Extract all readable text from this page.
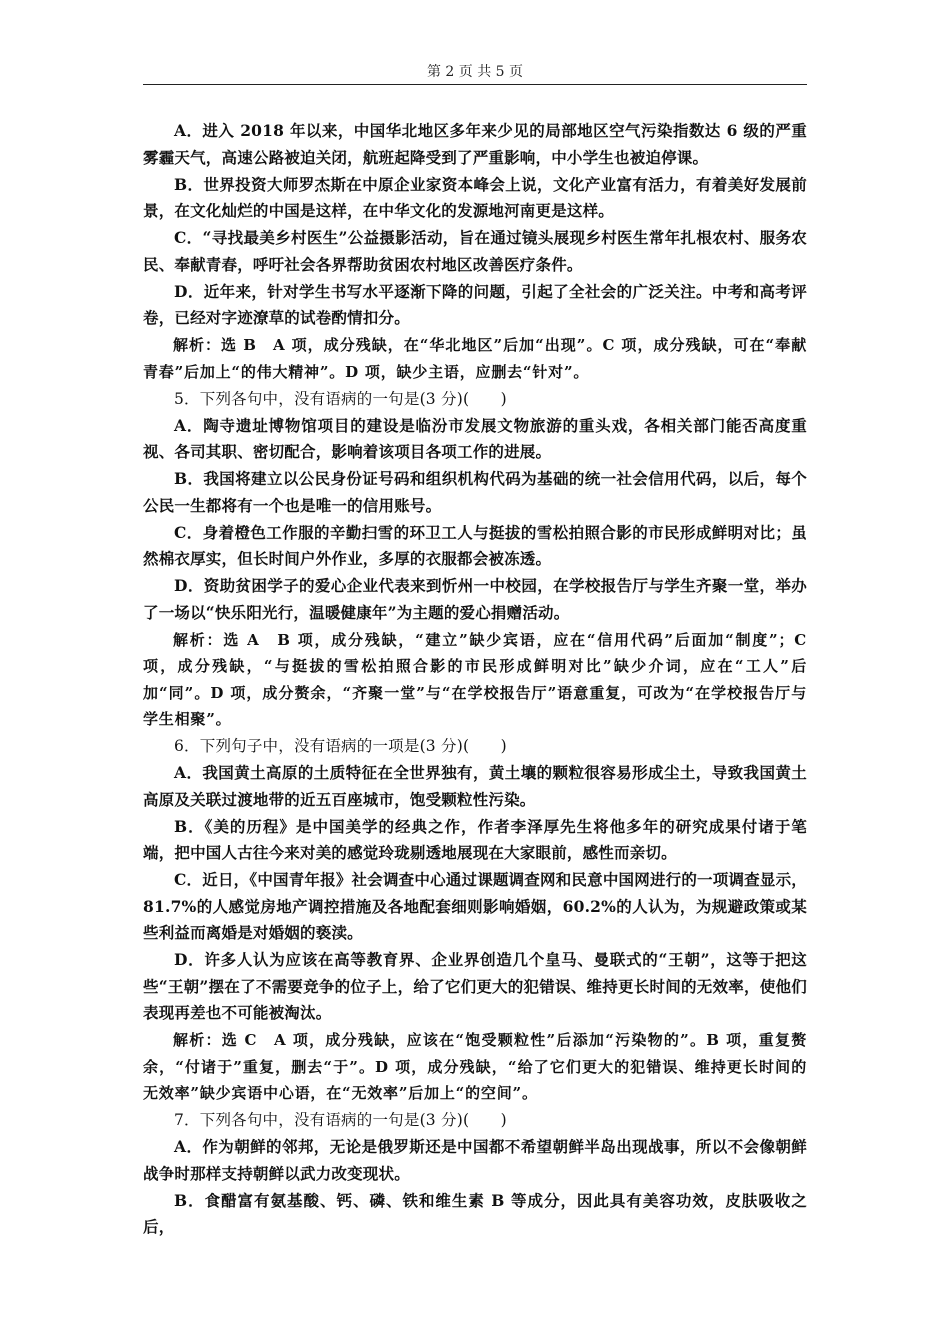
第 2 页 共 5 页

A．进入 2018 年以来，中国华北地区多年来少见的局部地区空气污染指数达 6 级的严重雾霾天气，高速公路被迫关闭，航班起降受到了严重影响，中小学生也被迫停课。

B．世界投资大师罗杰斯在中原企业家资本峰会上说，文化产业富有活力，有着美好发展前景，在文化灿烂的中国是这样，在中华文化的发源地河南更是这样。

C．“寻找最美乡村医生”公益摄影活动，旨在通过镜头展现乡村医生常年扎根农村、服务农民、奉献青春，呼吁社会各界帮助贫困农村地区改善医疗条件。

D．近年来，针对学生书写水平逐渐下降的问题，引起了全社会的广泛关注。中考和高考评卷，已经对字迹潦草的试卷酌情扣分。

解析：选 B　A 项，成分残缺，在“华北地区”后加“出现”。C 项，成分残缺，可在“奉献青春”后加上“的伟大精神”。D 项，缺少主语，应删去“针对”。

5．下列各句中，没有语病的一句是(3 分)(　　)

A．陶寺遗址博物馆项目的建设是临汾市发展文物旅游的重头戏，各相关部门能否高度重视、各司其职、密切配合，影响着该项目各项工作的进展。

B．我国将建立以公民身份证号码和组织机构代码为基础的统一社会信用代码，以后，每个公民一生都将有一个也是唯一的信用账号。

C．身着橙色工作服的辛勤扫雪的环卫工人与挺拔的雪松拍照合影的市民形成鲜明对比；虽然棉衣厚实，但长时间户外作业，多厚的衣服都会被冻透。

D．资助贫困学子的爱心企业代表来到忻州一中校园，在学校报告厅与学生齐聚一堂，举办了一场以“快乐阳光行，温暖健康年”为主题的爱心捐赠活动。

解析：选 A　B 项，成分残缺，“建立”缺少宾语，应在“信用代码”后面加“制度”；C 项，成分残缺，“与挺拔的雪松拍照合影的市民形成鲜明对比”缺少介词，应在“工人”后加“同”。D 项，成分赘余，“齐聚一堂”与“在学校报告厅”语意重复，可改为“在学校报告厅与学生相聚”。

6．下列句子中，没有语病的一项是(3 分)(　　)

A．我国黄土高原的土质特征在全世界独有，黄土壤的颗粒很容易形成尘土，导致我国黄土高原及关联过渡地带的近五百座城市，饱受颗粒性污染。

B．《美的历程》是中国美学的经典之作，作者李泽厚先生将他多年的研究成果付诸于笔端，把中国人古往今来对美的感觉玲珑剔透地展现在大家眼前，感性而亲切。

C．近日，《中国青年报》社会调查中心通过课题调查网和民意中国网进行的一项调查显示，81.7%的人感觉房地产调控措施及各地配套细则影响婚姻，60.2%的人认为，为规避政策或某些利益而离婚是对婚姻的亵渎。

D．许多人认为应该在高等教育界、企业界创造几个皇马、曼联式的“王朝”，这等于把这些“王朝”摆在了不需要竞争的位子上，给了它们更大的犯错误、维持更长时间的无效率，使他们表现再差也不可能被淘汰。

解析：选 C　A 项，成分残缺，应该在“饱受颗粒性”后添加“污染物的”。B 项，重复赘余，“付诸于”重复，删去“于”。D 项，成分残缺，“给了它们更大的犯错误、维持更长时间的无效率”缺少宾语中心语，在“无效率”后加上“的空间”。

7．下列各句中，没有语病的一句是(3 分)(　　)

A．作为朝鲜的邻邦，无论是俄罗斯还是中国都不希望朝鲜半岛出现战事，所以不会像朝鲜战争时那样支持朝鲜以武力改变现状。

B．食醋富有氨基酸、钙、磷、铁和维生素 B 等成分，因此具有美容功效，皮肤吸收之后，
